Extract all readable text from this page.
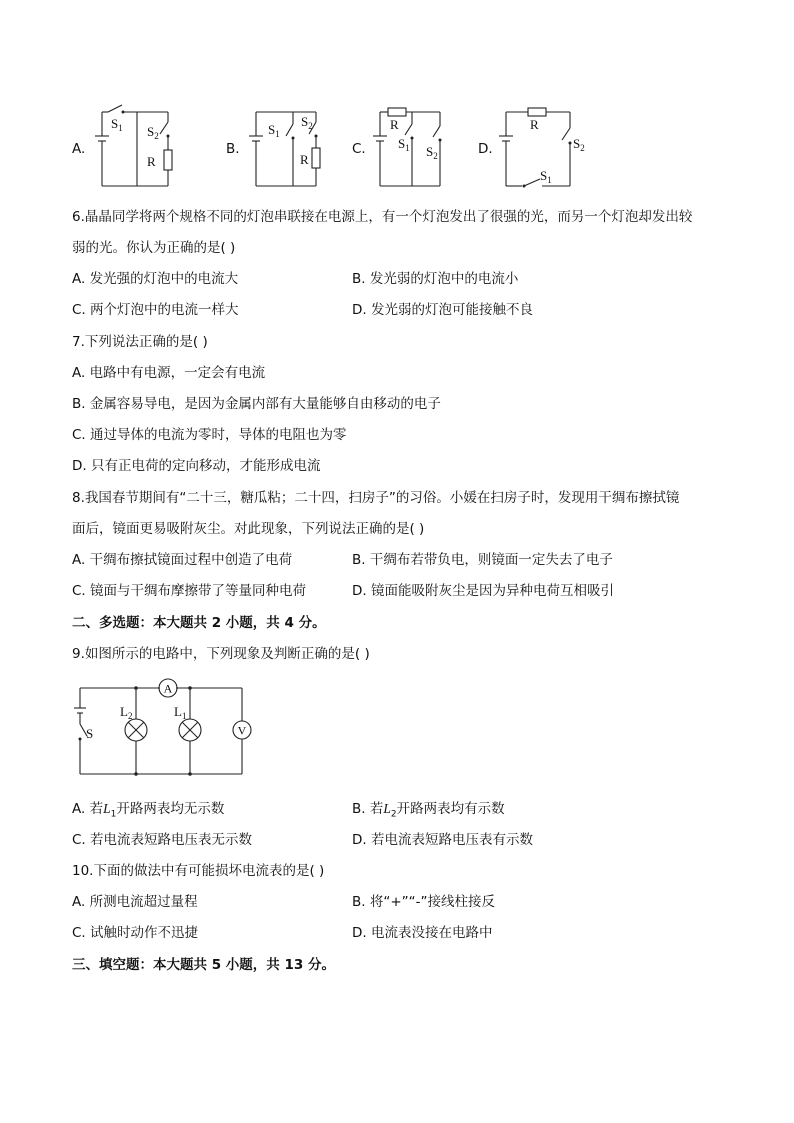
A.
$S_1$ $S_2$
R
B.
$S_1$
$S_2$
R
C.
R
$S_1$ $S_2$	D.
R
$S_2$
$S_1$
6.晶晶同学将两个规格不同的灯泡串联接在电源上，有一个灯泡发出了很强的光，而另一个灯泡却发出较
弱的光。你认为正确的是( )
A. 发光强的灯泡中的电流大	B. 发光弱的灯泡中的电流小
C. 两个灯泡中的电流一样大	D. 发光弱的灯泡可能接触不良
7.下列说法正确的是( )
A. 电路中有电源，一定会有电流
B. 金属容易导电，是因为金属内部有大量能够自由移动的电子
C. 通过导体的电流为零时，导体的电阻也为零
D. 只有正电荷的定向移动，才能形成电流
8.我国春节期间有“二十三，糖瓜粘；二十四，扫房子”的习俗。小媛在扫房子时，发现用干绸布擦拭镜
面后，镜面更易吸附灰尘。对此现象，下列说法正确的是( )
A. 干绸布擦拭镜面过程中创造了电荷	B. 干绸布若带负电，则镜面一定失去了电子
C. 镜面与干绸布摩擦带了等量同种电荷	D. 镜面能吸附灰尘是因为异种电荷互相吸引
二、多选题：本大题共 2 小题，共 4 分。
9.如图所示的电路中，下列现象及判断正确的是( )
A
V
S
$L_2$	$L_1$
A. 若$L_1$开路两表均无示数	B. 若$L_2$开路两表均有示数
C. 若电流表短路电压表无示数	D. 若电流表短路电压表有示数
10.下面的做法中有可能损坏电流表的是( )
A. 所测电流超过量程	B. 将“+”“-”接线柱接反
C. 试触时动作不迅捷	D. 电流表没接在电路中
三、填空题：本大题共 5 小题，共 13 分。
